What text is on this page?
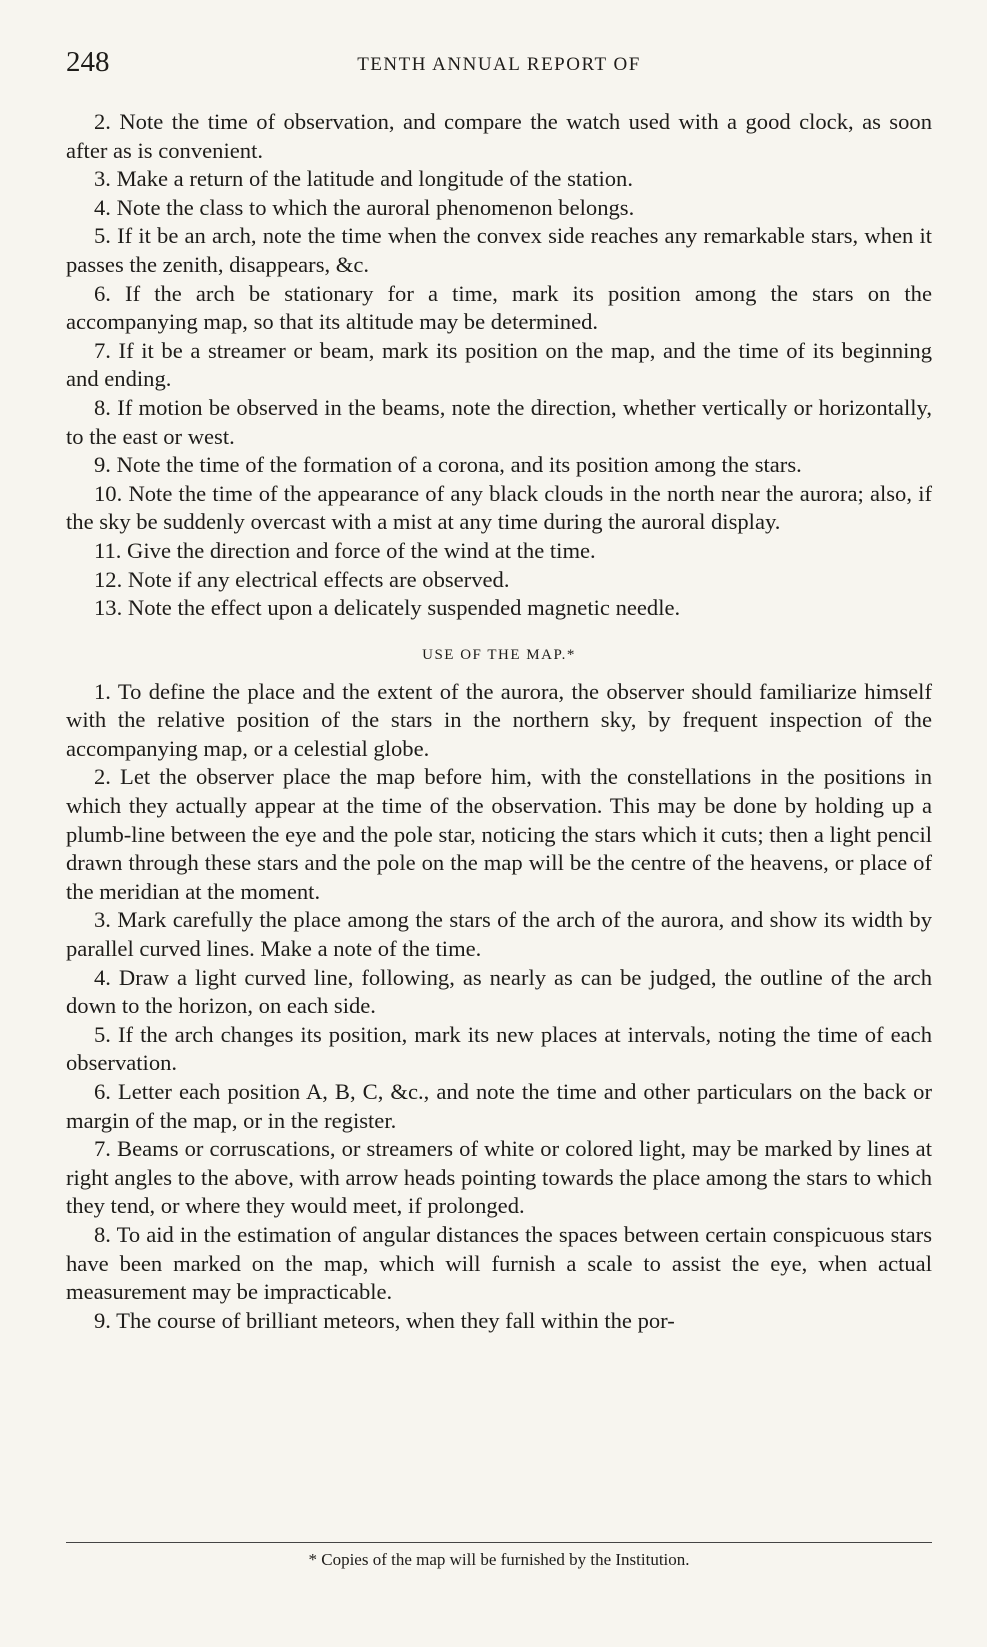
248	TENTH ANNUAL REPORT OF

2. Note the time of observation, and compare the watch used with a good clock, as soon after as is convenient.

3. Make a return of the latitude and longitude of the station.

4. Note the class to which the auroral phenomenon belongs.

5. If it be an arch, note the time when the convex side reaches any remarkable stars, when it passes the zenith, disappears, &c.

6. If the arch be stationary for a time, mark its position among the stars on the accompanying map, so that its altitude may be determined.

7. If it be a streamer or beam, mark its position on the map, and the time of its beginning and ending.

8. If motion be observed in the beams, note the direction, whether vertically or horizontally, to the east or west.

9. Note the time of the formation of a corona, and its position among the stars.

10. Note the time of the appearance of any black clouds in the north near the aurora; also, if the sky be suddenly overcast with a mist at any time during the auroral display.

11. Give the direction and force of the wind at the time.

12. Note if any electrical effects are observed.

13. Note the effect upon a delicately suspended magnetic needle.

USE OF THE MAP.*

1. To define the place and the extent of the aurora, the observer should familiarize himself with the relative position of the stars in the northern sky, by frequent inspection of the accompanying map, or a celestial globe.

2. Let the observer place the map before him, with the constellations in the positions in which they actually appear at the time of the observation. This may be done by holding up a plumb-line between the eye and the pole star, noticing the stars which it cuts; then a light pencil drawn through these stars and the pole on the map will be the centre of the heavens, or place of the meridian at the moment.

3. Mark carefully the place among the stars of the arch of the aurora, and show its width by parallel curved lines. Make a note of the time.

4. Draw a light curved line, following, as nearly as can be judged, the outline of the arch down to the horizon, on each side.

5. If the arch changes its position, mark its new places at intervals, noting the time of each observation.

6. Letter each position A, B, C, &c., and note the time and other particulars on the back or margin of the map, or in the register.

7. Beams or corruscations, or streamers of white or colored light, may be marked by lines at right angles to the above, with arrow heads pointing towards the place among the stars to which they tend, or where they would meet, if prolonged.

8. To aid in the estimation of angular distances the spaces between certain conspicuous stars have been marked on the map, which will furnish a scale to assist the eye, when actual measurement may be impracticable.

9. The course of brilliant meteors, when they fall within the por-

* Copies of the map will be furnished by the Institution.
